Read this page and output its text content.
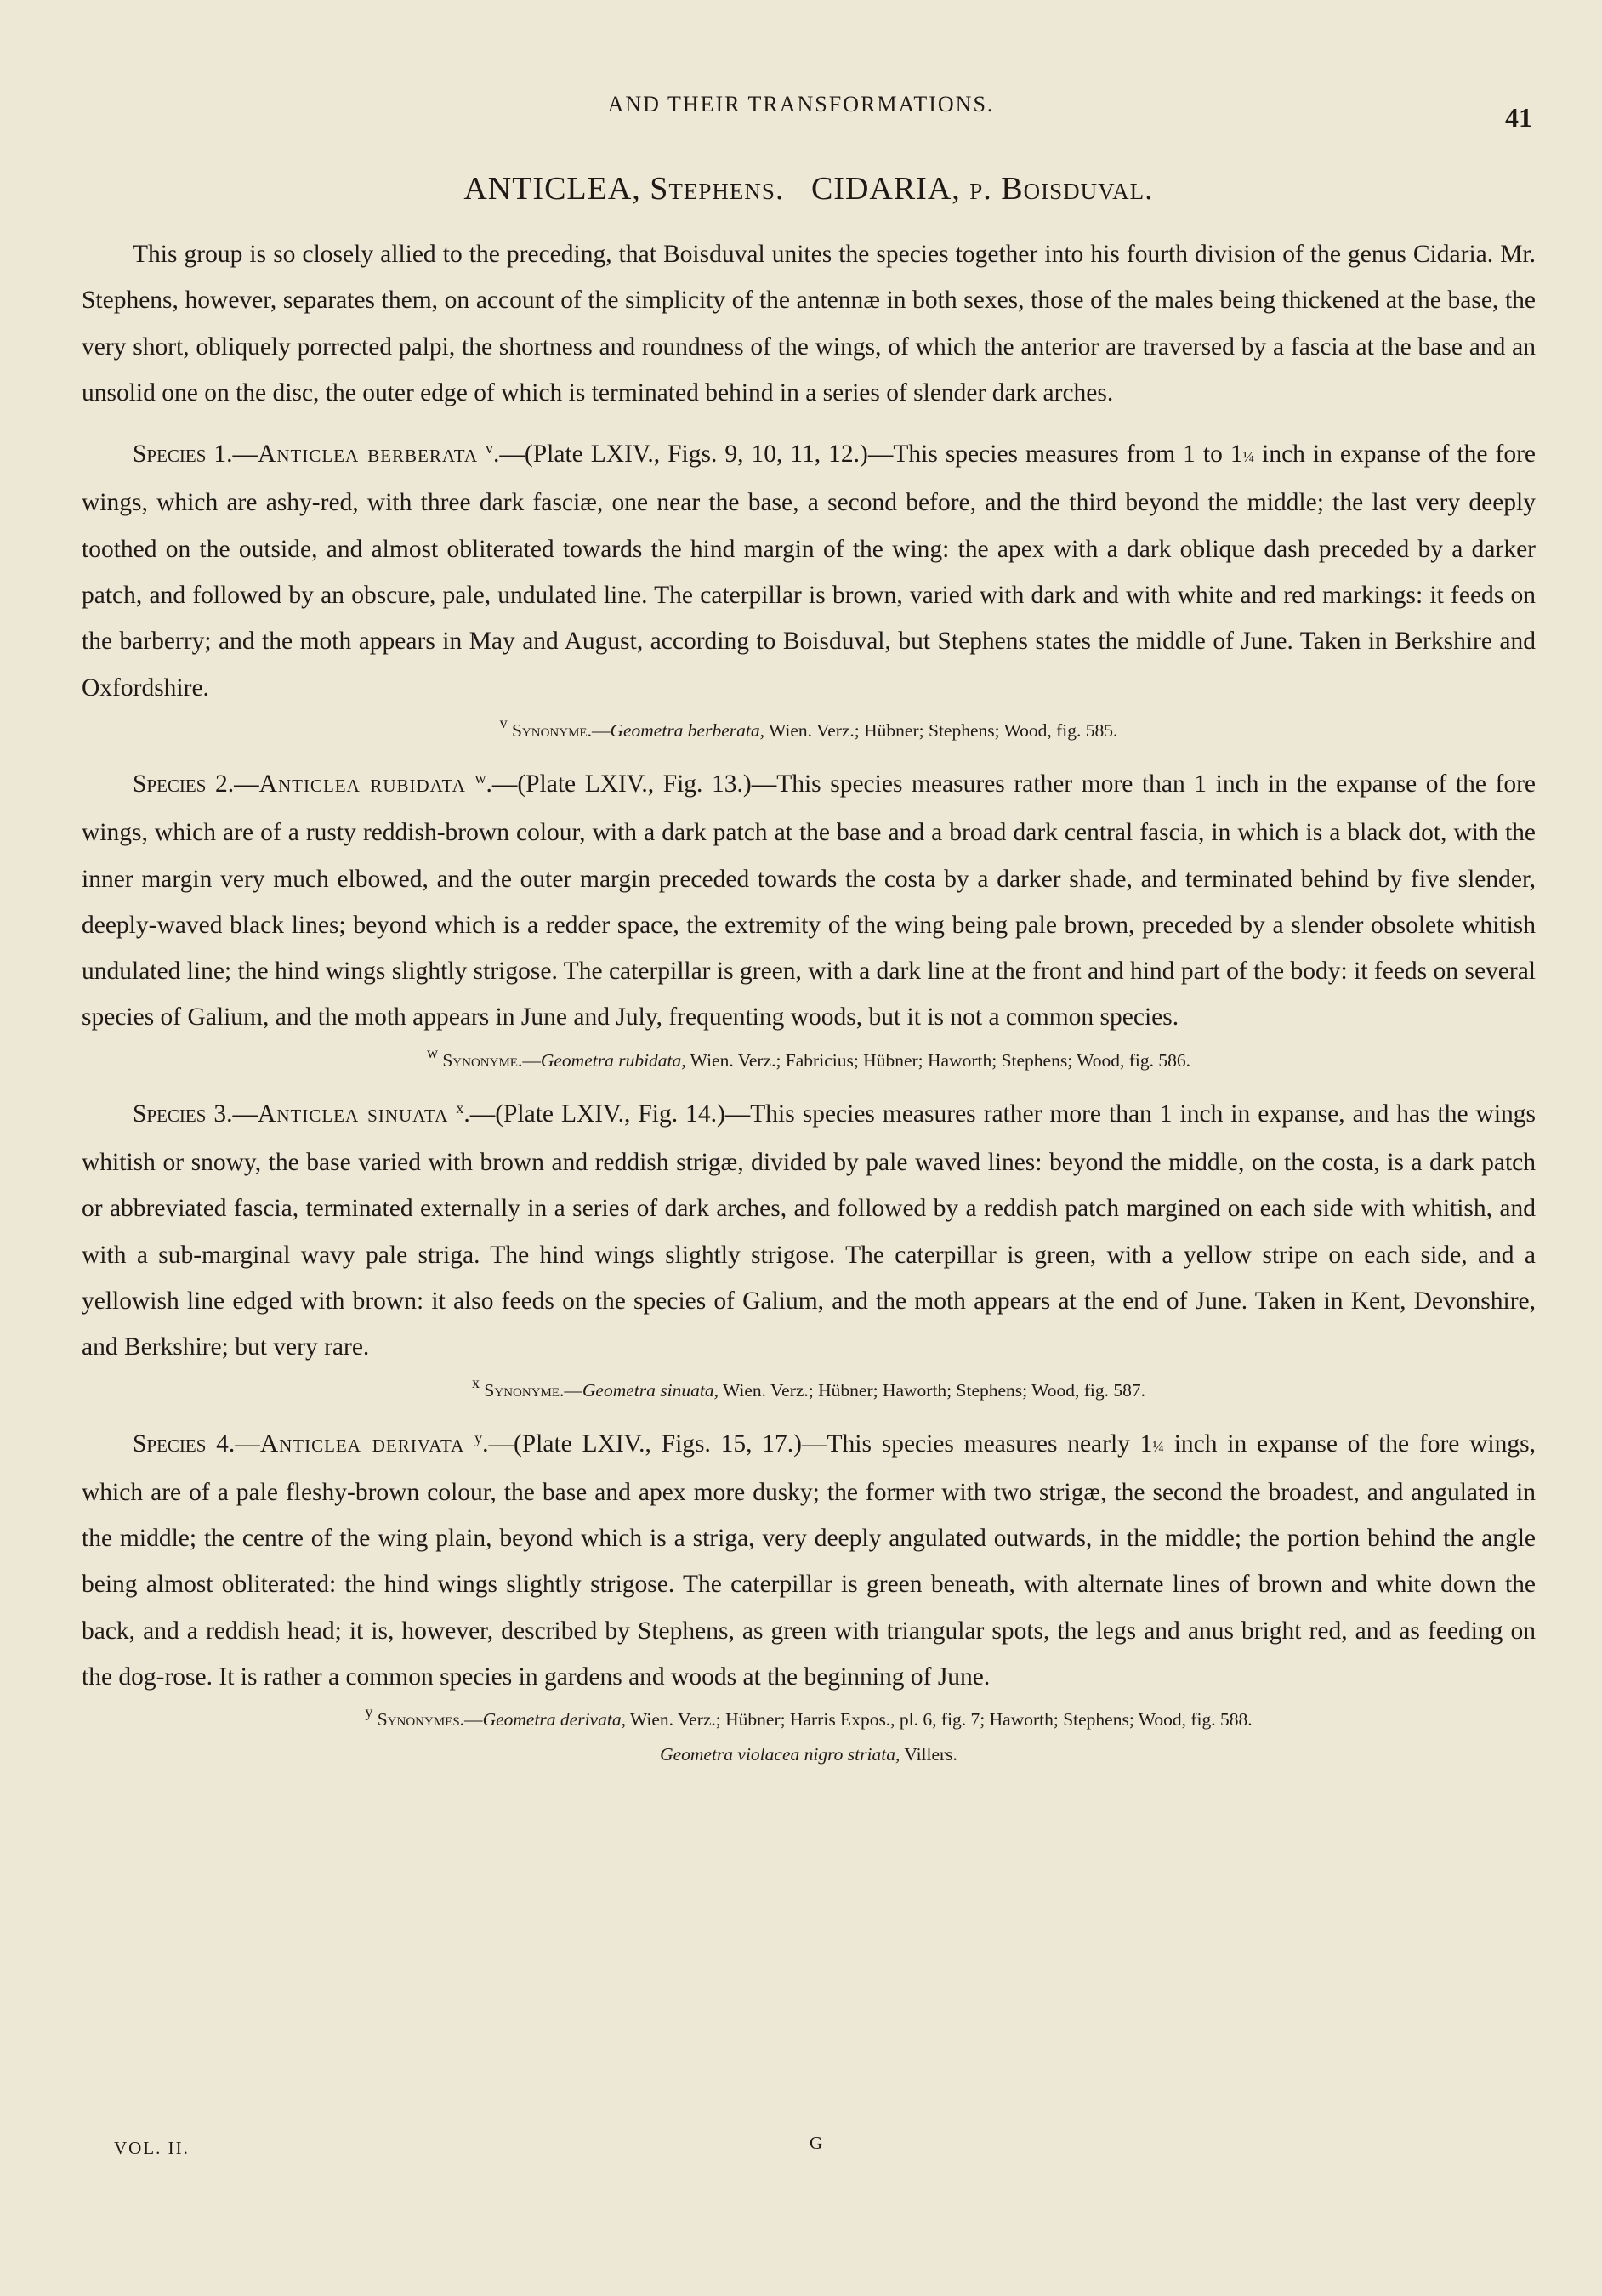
AND THEIR TRANSFORMATIONS.	41
ANTICLEA, Stephens. CIDARIA, p. Boisduval.

This group is so closely allied to the preceding, that Boisduval unites the species together into his fourth division of the genus Cidaria. Mr. Stephens, however, separates them, on account of the simplicity of the antennæ in both sexes, those of the males being thickened at the base, the very short, obliquely porrected palpi, the shortness and roundness of the wings, of which the anterior are traversed by a fascia at the base and an unsolid one on the disc, the outer edge of which is terminated behind in a series of slender dark arches.

Species 1.—Anticlea berberata $^v$.—(Plate LXIV., Figs. 9, 10, 11, 12.)—This species measures from 1 to 1¼ inch in expanse of the fore wings, which are ashy-red, with three dark fasciæ, one near the base, a second before, and the third beyond the middle; the last very deeply toothed on the outside, and almost obliterated towards the hind margin of the wing: the apex with a dark oblique dash preceded by a darker patch, and followed by an obscure, pale, undulated line. The caterpillar is brown, varied with dark and with white and red markings: it feeds on the barberry; and the moth appears in May and August, according to Boisduval, but Stephens states the middle of June. Taken in Berkshire and Oxfordshire.

$^v$ Synonyme.—Geometra berberata, Wien. Verz.; Hübner; Stephens; Wood, fig. 585.

Species 2.—Anticlea rubidata $^w$.—(Plate LXIV., Fig. 13.)—This species measures rather more than 1 inch in the expanse of the fore wings, which are of a rusty reddish-brown colour, with a dark patch at the base and a broad dark central fascia, in which is a black dot, with the inner margin very much elbowed, and the outer margin preceded towards the costa by a darker shade, and terminated behind by five slender, deeply-waved black lines; beyond which is a redder space, the extremity of the wing being pale brown, preceded by a slender obsolete whitish undulated line; the hind wings slightly strigose. The caterpillar is green, with a dark line at the front and hind part of the body: it feeds on several species of Galium, and the moth appears in June and July, frequenting woods, but it is not a common species.

$^w$ Synonyme.—Geometra rubidata, Wien. Verz.; Fabricius; Hübner; Haworth; Stephens; Wood, fig. 586.

Species 3.—Anticlea sinuata $^x$.—(Plate LXIV., Fig. 14.)—This species measures rather more than 1 inch in expanse, and has the wings whitish or snowy, the base varied with brown and reddish strigæ, divided by pale waved lines: beyond the middle, on the costa, is a dark patch or abbreviated fascia, terminated externally in a series of dark arches, and followed by a reddish patch margined on each side with whitish, and with a sub-marginal wavy pale striga. The hind wings slightly strigose. The caterpillar is green, with a yellow stripe on each side, and a yellowish line edged with brown: it also feeds on the species of Galium, and the moth appears at the end of June. Taken in Kent, Devonshire, and Berkshire; but very rare.

$^x$ Synonyme.—Geometra sinuata, Wien. Verz.; Hübner; Haworth; Stephens; Wood, fig. 587.

Species 4.—Anticlea derivata $^y$.—(Plate LXIV., Figs. 15, 17.)—This species measures nearly 1¼ inch in expanse of the fore wings, which are of a pale fleshy-brown colour, the base and apex more dusky; the former with two strigæ, the second the broadest, and angulated in the middle; the centre of the wing plain, beyond which is a striga, very deeply angulated outwards, in the middle; the portion behind the angle being almost obliterated: the hind wings slightly strigose. The caterpillar is green beneath, with alternate lines of brown and white down the back, and a reddish head; it is, however, described by Stephens, as green with triangular spots, the legs and anus bright red, and as feeding on the dog-rose. It is rather a common species in gardens and woods at the beginning of June.

$^y$ Synonymes.—Geometra derivata, Wien. Verz.; Hübner; Harris Expos., pl. 6, fig. 7; Haworth; Stephens; Wood, fig. 588.
Geometra violacea nigro striata, Villers.
VOL. II.	G
